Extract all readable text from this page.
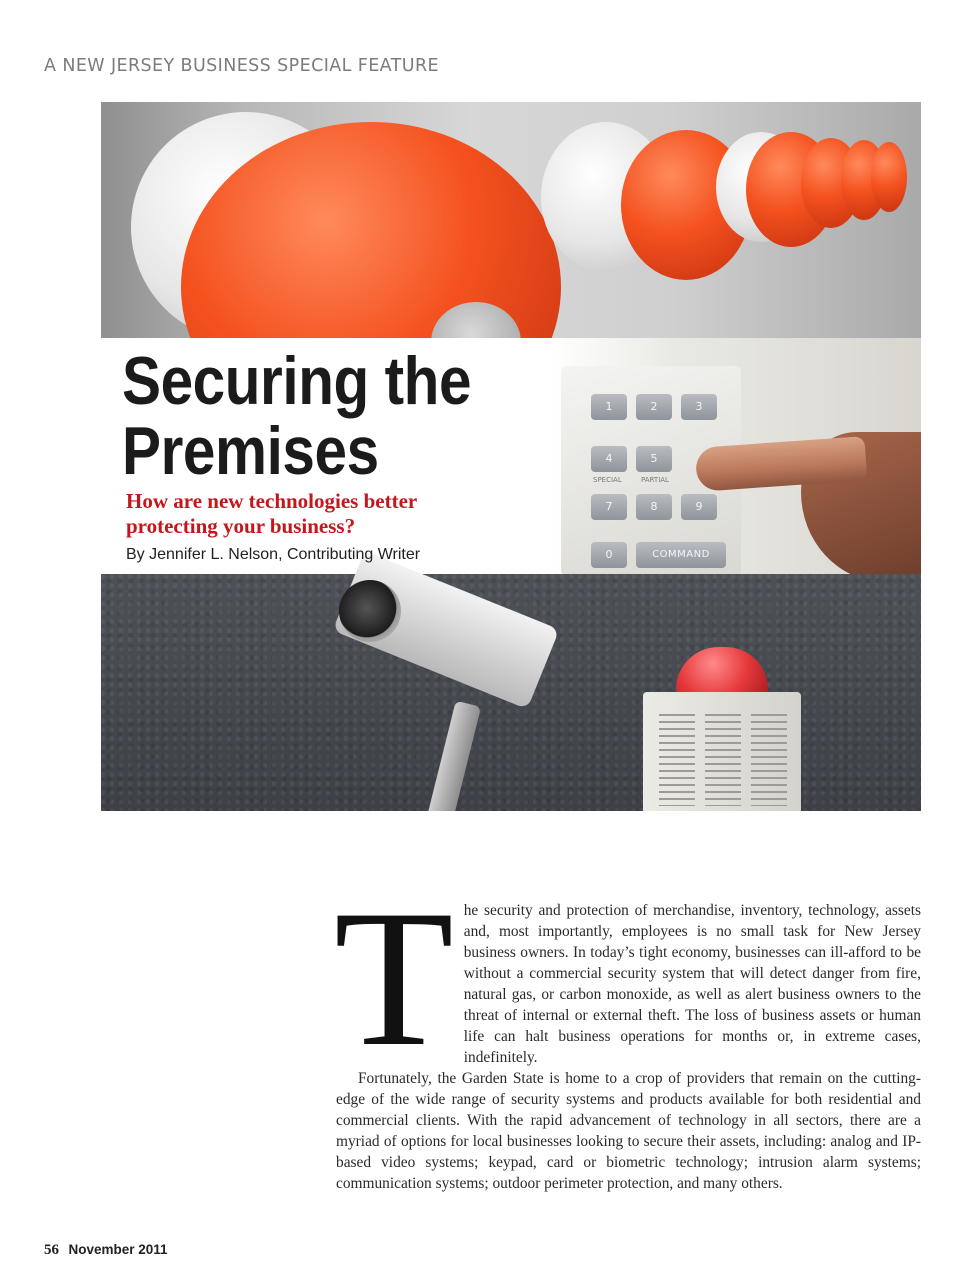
A NEW JERSEY BUSINESS SPECIAL FEATURE
1	2	3
4	5
SPECIAL	PARTIAL
7	8	9
0	COMMAND
Securing the
Premises
How are new technologies better
protecting your business?
By Jennifer L. Nelson, Contributing Writer

The security and protection of merchandise, inventory, technology, assets and, most importantly, employees is no small task for New Jersey business owners. In today’s tight economy, businesses can ill-afford to be without a commercial security system that will detect danger from fire, natural gas, or carbon monoxide, as well as alert business owners to the threat of internal or external theft. The loss of business assets or human life can halt business operations for months or, in extreme cases, indefinitely.

Fortunately, the Garden State is home to a crop of providers that remain on the cutting-edge of the wide range of security systems and products available for both residential and commercial clients. With the rapid advancement of technology in all sectors, there are a myriad of options for local businesses looking to secure their assets, including: analog and IP-based video systems; keypad, card or biometric technology; intrusion alarm systems; communication systems; outdoor perimeter protection, and many others.

56 November 2011
